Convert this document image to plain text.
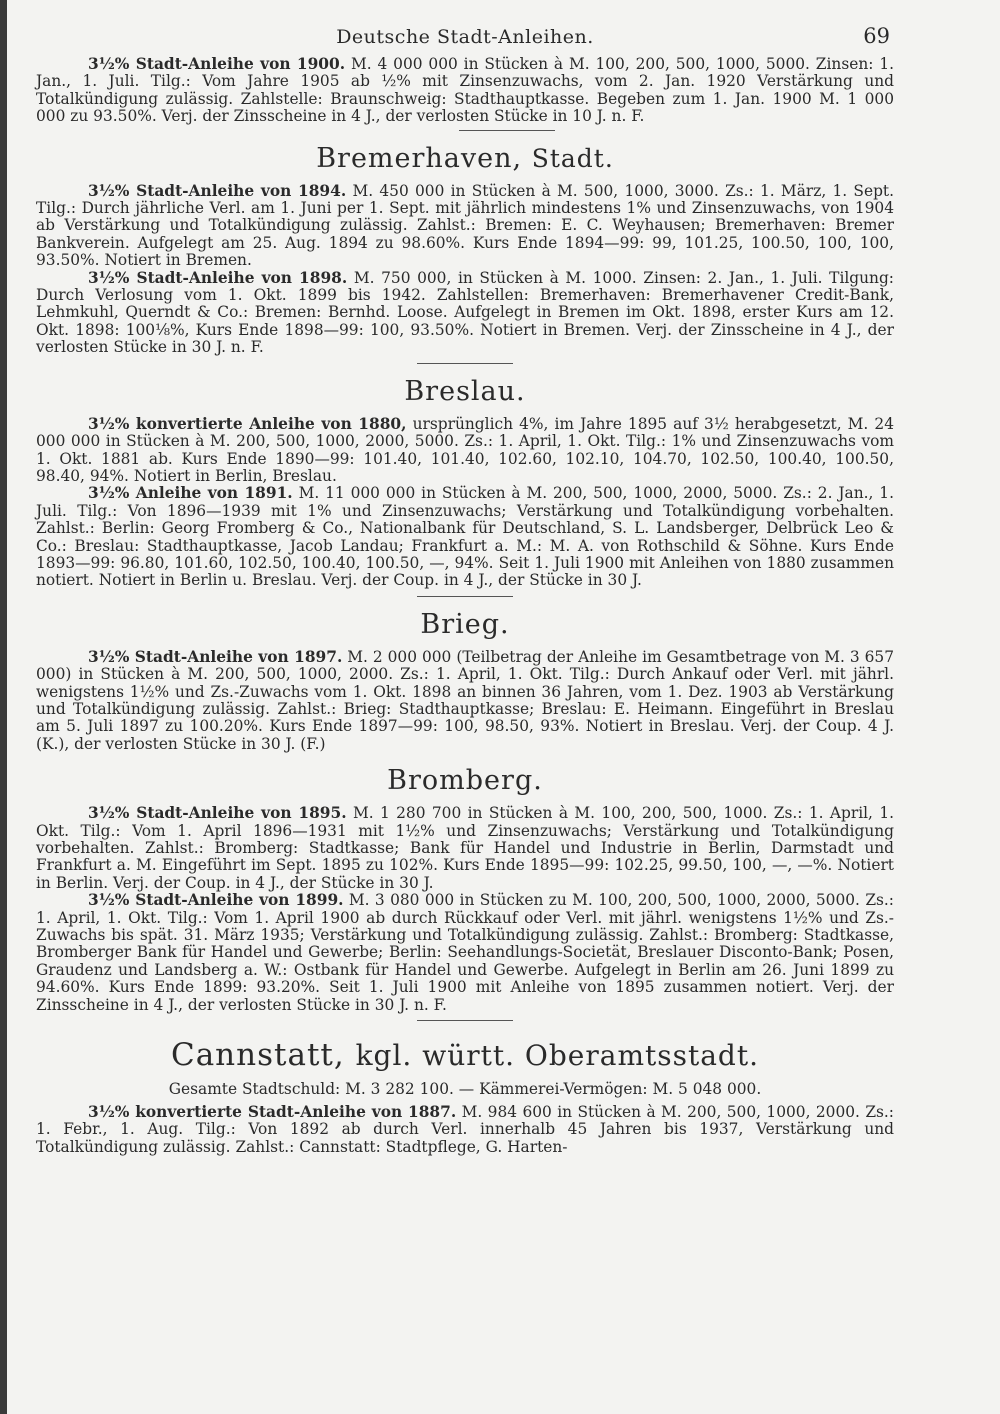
Deutsche Stadt-Anleihen.	69

3½% Stadt-Anleihe von 1900. M. 4 000 000 in Stücken à M. 100, 200, 500, 1000, 5000. Zinsen: 1. Jan., 1. Juli. Tilg.: Vom Jahre 1905 ab ½% mit Zinsenzuwachs, vom 2. Jan. 1920 Verstärkung und Totalkündigung zulässig. Zahlstelle: Braunschweig: Stadthauptkasse. Begeben zum 1. Jan. 1900 M. 1 000 000 zu 93.50%. Verj. der Zinsscheine in 4 J., der verlosten Stücke in 10 J. n. F.

Bremerhaven, Stadt.

3½% Stadt-Anleihe von 1894. M. 450 000 in Stücken à M. 500, 1000, 3000. Zs.: 1. März, 1. Sept. Tilg.: Durch jährliche Verl. am 1. Juni per 1. Sept. mit jährlich mindestens 1% und Zinsenzuwachs, von 1904 ab Verstärkung und Totalkündigung zulässig. Zahlst.: Bremen: E. C. Weyhausen; Bremerhaven: Bremer Bankverein. Aufgelegt am 25. Aug. 1894 zu 98.60%. Kurs Ende 1894—99: 99, 101.25, 100.50, 100, 100, 93.50%. Notiert in Bremen.

3½% Stadt-Anleihe von 1898. M. 750 000, in Stücken à M. 1000. Zinsen: 2. Jan., 1. Juli. Tilgung: Durch Verlosung vom 1. Okt. 1899 bis 1942. Zahlstellen: Bremerhaven: Bremerhavener Credit-Bank, Lehmkuhl, Querndt & Co.: Bremen: Bernhd. Loose. Aufgelegt in Bremen im Okt. 1898, erster Kurs am 12. Okt. 1898: 100⅛%, Kurs Ende 1898—99: 100, 93.50%. Notiert in Bremen. Verj. der Zinsscheine in 4 J., der verlosten Stücke in 30 J. n. F.

Breslau.

3½% konvertierte Anleihe von 1880, ursprünglich 4%, im Jahre 1895 auf 3½ herabgesetzt, M. 24 000 000 in Stücken à M. 200, 500, 1000, 2000, 5000. Zs.: 1. April, 1. Okt. Tilg.: 1% und Zinsenzuwachs vom 1. Okt. 1881 ab. Kurs Ende 1890—99: 101.40, 101.40, 102.60, 102.10, 104.70, 102.50, 100.40, 100.50, 98.40, 94%. Notiert in Berlin, Breslau.

3½% Anleihe von 1891. M. 11 000 000 in Stücken à M. 200, 500, 1000, 2000, 5000. Zs.: 2. Jan., 1. Juli. Tilg.: Von 1896—1939 mit 1% und Zinsenzuwachs; Verstärkung und Totalkündigung vorbehalten. Zahlst.: Berlin: Georg Fromberg & Co., Nationalbank für Deutschland, S. L. Landsberger, Delbrück Leo & Co.: Breslau: Stadthauptkasse, Jacob Landau; Frankfurt a. M.: M. A. von Rothschild & Söhne. Kurs Ende 1893—99: 96.80, 101.60, 102.50, 100.40, 100.50, —, 94%. Seit 1. Juli 1900 mit Anleihen von 1880 zusammen notiert. Notiert in Berlin u. Breslau. Verj. der Coup. in 4 J., der Stücke in 30 J.

Brieg.

3½% Stadt-Anleihe von 1897. M. 2 000 000 (Teilbetrag der Anleihe im Gesamtbetrage von M. 3 657 000) in Stücken à M. 200, 500, 1000, 2000. Zs.: 1. April, 1. Okt. Tilg.: Durch Ankauf oder Verl. mit jährl. wenigstens 1½% und Zs.-Zuwachs vom 1. Okt. 1898 an binnen 36 Jahren, vom 1. Dez. 1903 ab Verstärkung und Totalkündigung zulässig. Zahlst.: Brieg: Stadthauptkasse; Breslau: E. Heimann. Eingeführt in Breslau am 5. Juli 1897 zu 100.20%. Kurs Ende 1897—99: 100, 98.50, 93%. Notiert in Breslau. Verj. der Coup. 4 J. (K.), der verlosten Stücke in 30 J. (F.)

Bromberg.

3½% Stadt-Anleihe von 1895. M. 1 280 700 in Stücken à M. 100, 200, 500, 1000. Zs.: 1. April, 1. Okt. Tilg.: Vom 1. April 1896—1931 mit 1½% und Zinsenzuwachs; Verstärkung und Totalkündigung vorbehalten. Zahlst.: Bromberg: Stadtkasse; Bank für Handel und Industrie in Berlin, Darmstadt und Frankfurt a. M. Eingeführt im Sept. 1895 zu 102%. Kurs Ende 1895—99: 102.25, 99.50, 100, —, —%. Notiert in Berlin. Verj. der Coup. in 4 J., der Stücke in 30 J.

3½% Stadt-Anleihe von 1899. M. 3 080 000 in Stücken zu M. 100, 200, 500, 1000, 2000, 5000. Zs.: 1. April, 1. Okt. Tilg.: Vom 1. April 1900 ab durch Rückkauf oder Verl. mit jährl. wenigstens 1½% und Zs.-Zuwachs bis spät. 31. März 1935; Verstärkung und Totalkündigung zulässig. Zahlst.: Bromberg: Stadtkasse, Bromberger Bank für Handel und Gewerbe; Berlin: Seehandlungs-Societät, Breslauer Disconto-Bank; Posen, Graudenz und Landsberg a. W.: Ostbank für Handel und Gewerbe. Aufgelegt in Berlin am 26. Juni 1899 zu 94.60%. Kurs Ende 1899: 93.20%. Seit 1. Juli 1900 mit Anleihe von 1895 zusammen notiert. Verj. der Zinsscheine in 4 J., der verlosten Stücke in 30 J. n. F.

Cannstatt, kgl. württ. Oberamtsstadt.

Gesamte Stadtschuld: M. 3 282 100. — Kämmerei-Vermögen: M. 5 048 000.

3½% konvertierte Stadt-Anleihe von 1887. M. 984 600 in Stücken à M. 200, 500, 1000, 2000. Zs.: 1. Febr., 1. Aug. Tilg.: Von 1892 ab durch Verl. innerhalb 45 Jahren bis 1937, Verstärkung und Totalkündigung zulässig. Zahlst.: Cannstatt: Stadtpflege, G. Harten-
